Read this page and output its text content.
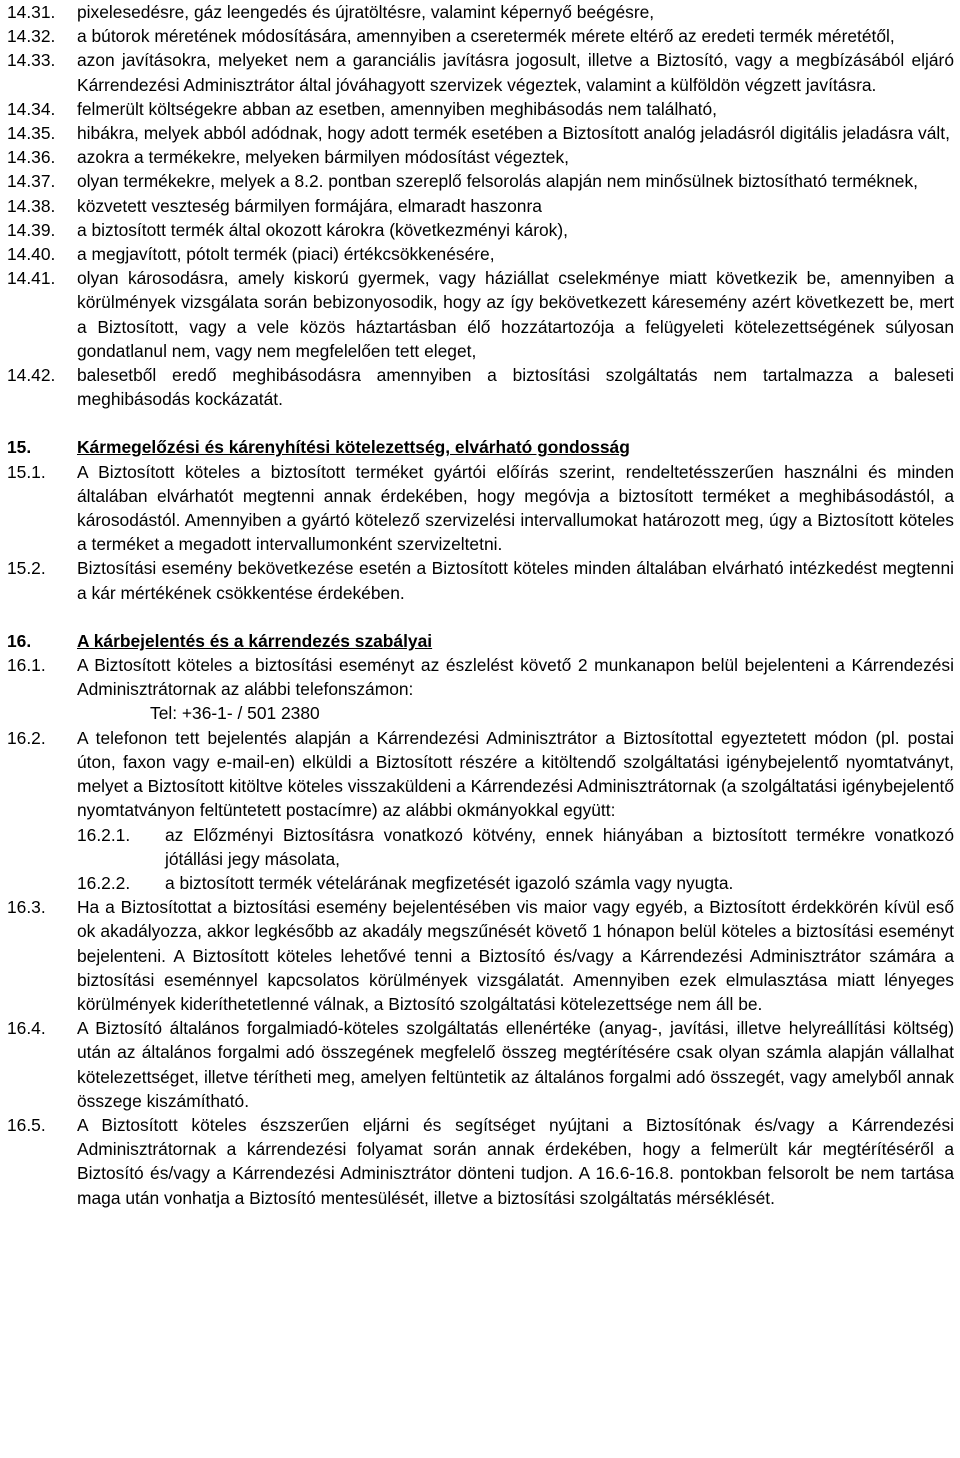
14.31.	pixelesedésre, gáz leengedés és újratöltésre, valamint képernyő beégésre,
14.32.	a bútorok méretének módosítására, amennyiben a cseretermék mérete eltérő az eredeti termék méretétől,
14.33.	azon javításokra, melyeket nem a garanciális javításra jogosult, illetve a Biztosító, vagy a megbízásából eljáró Kárrendezési Adminisztrátor által jóváhagyott szervizek végeztek, valamint a külföldön végzett javításra.
14.34.	felmerült költségekre abban az esetben, amennyiben meghibásodás nem található,
14.35.	hibákra, melyek abból adódnak, hogy adott termék esetében a Biztosított analóg jeladásról digitális jeladásra vált,
14.36.	azokra a termékekre, melyeken bármilyen módosítást végeztek,
14.37.	olyan termékekre, melyek a 8.2. pontban szereplő felsorolás alapján nem minősülnek biztosítható terméknek,
14.38.	közvetett veszteség bármilyen formájára, elmaradt haszonra
14.39.	a biztosított termék által okozott károkra (következményi károk),
14.40.	a megjavított, pótolt termék (piaci) értékcsökkenésére,
14.41.	olyan károsodásra, amely kiskorú gyermek, vagy háziállat cselekménye miatt következik be, amennyiben a körülmények vizsgálata során bebizonyosodik, hogy az így bekövetkezett káresemény azért következett be, mert a Biztosított, vagy a vele közös háztartásban élő hozzátartozója a felügyeleti kötelezettségének súlyosan gondatlanul nem, vagy nem megfelelően tett eleget,
14.42.	balesetből eredő meghibásodásra amennyiben a biztosítási szolgáltatás nem tartalmazza a baleseti meghibásodás kockázatát.
15.	Kármegelőzési és kárenyhítési kötelezettség, elvárható gondosság
15.1.	A Biztosított köteles a biztosított terméket gyártói előírás szerint, rendeltetésszerűen használni és minden általában elvárhatót megtenni annak érdekében, hogy megóvja a biztosított terméket a meghibásodástól, a károsodástól. Amennyiben a gyártó kötelező szervizelési intervallumokat határozott meg, úgy a Biztosított köteles a terméket a megadott intervallumonként szervizeltetni.
15.2.	Biztosítási esemény bekövetkezése esetén a Biztosított köteles minden általában elvárható intézkedést megtenni a kár mértékének csökkentése érdekében.
16.	A kárbejelentés és a kárrendezés szabályai
16.1.	A Biztosított köteles a biztosítási eseményt az észlelést követő 2 munkanapon belül bejelenteni a Kárrendezési Adminisztrátornak az alábbi telefonszámon:
Tel: +36-1- / 501 2380
16.2.	A telefonon tett bejelentés alapján a Kárrendezési Adminisztrátor a Biztosítottal egyeztetett módon (pl. postai úton, faxon vagy e-mail-en) elküldi a Biztosított részére a kitöltendő szolgáltatási igénybejelentő nyomtatványt, melyet a Biztosított kitöltve köteles visszaküldeni a Kárrendezési Adminisztrátornak (a szolgáltatási igénybejelentő nyomtatványon feltüntetett postacímre) az alábbi okmányokkal együtt:
16.2.1.	az Előzményi Biztosításra vonatkozó kötvény, ennek hiányában a biztosított termékre vonatkozó jótállási jegy másolata,
16.2.2.	a biztosított termék vételárának megfizetését igazoló számla vagy nyugta.
16.3.	Ha a Biztosítottat a biztosítási esemény bejelentésében vis maior vagy egyéb, a Biztosított érdekkörén kívül eső ok akadályozza, akkor legkésőbb az akadály megszűnését követő 1 hónapon belül köteles a biztosítási eseményt bejelenteni. A Biztosított köteles lehetővé tenni a Biztosító és/vagy a Kárrendezési Adminisztrátor számára a biztosítási eseménnyel kapcsolatos körülmények vizsgálatát. Amennyiben ezek elmulasztása miatt lényeges körülmények kideríthetetlenné válnak, a Biztosító szolgáltatási kötelezettsége nem áll be.
16.4.	A Biztosító általános forgalmiadó-köteles szolgáltatás ellenértéke (anyag-, javítási, illetve helyreállítási költség) után az általános forgalmi adó összegének megfelelő összeg megtérítésére csak olyan számla alapján vállalhat kötelezettséget, illetve térítheti meg, amelyen feltüntetik az általános forgalmi adó összegét, vagy amelyből annak összege kiszámítható.
16.5.	A Biztosított köteles észszerűen eljárni és segítséget nyújtani a Biztosítónak és/vagy a Kárrendezési Adminisztrátornak a kárrendezési folyamat során annak érdekében, hogy a felmerült kár megtérítéséről a Biztosító és/vagy a Kárrendezési Adminisztrátor dönteni tudjon. A 16.6-16.8. pontokban felsorolt be nem tartása maga után vonhatja a Biztosító mentesülését, illetve a biztosítási szolgáltatás mérséklését.
